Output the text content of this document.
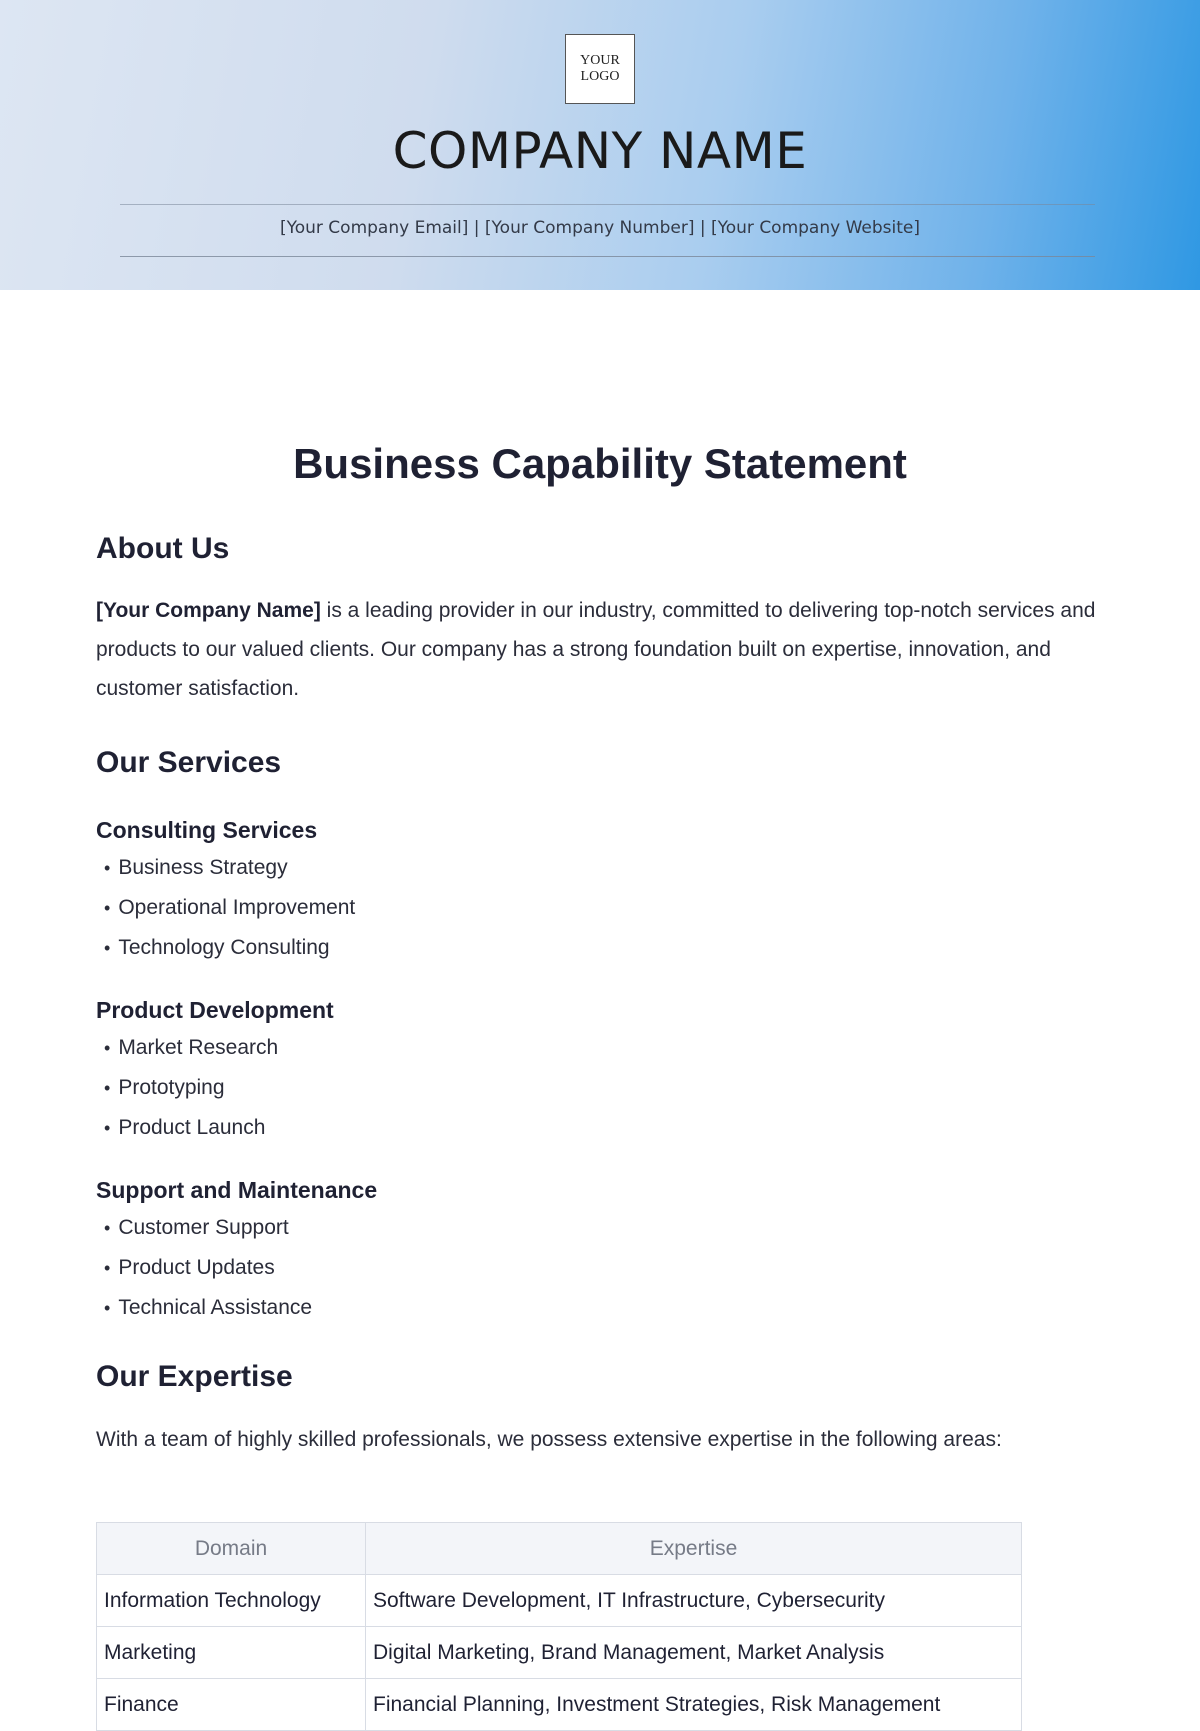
YOUR
LOGO
COMPANY NAME
[Your Company Email] | [Your Company Number] | [Your Company Website]
Business Capability Statement
About Us
[Your Company Name] is a leading provider in our industry, committed to delivering top-notch services and products to our valued clients. Our company has a strong foundation built on expertise, innovation, and customer satisfaction.
Our Services
Consulting Services
• Business Strategy
• Operational Improvement
• Technology Consulting
Product Development
• Market Research
• Prototyping
• Product Launch
Support and Maintenance
• Customer Support
• Product Updates
• Technical Assistance
Our Expertise
With a team of highly skilled professionals, we possess extensive expertise in the following areas:
Domain	Expertise
Information Technology	Software Development, IT Infrastructure, Cybersecurity
Marketing	Digital Marketing, Brand Management, Market Analysis
Finance	Financial Planning, Investment Strategies, Risk Management
